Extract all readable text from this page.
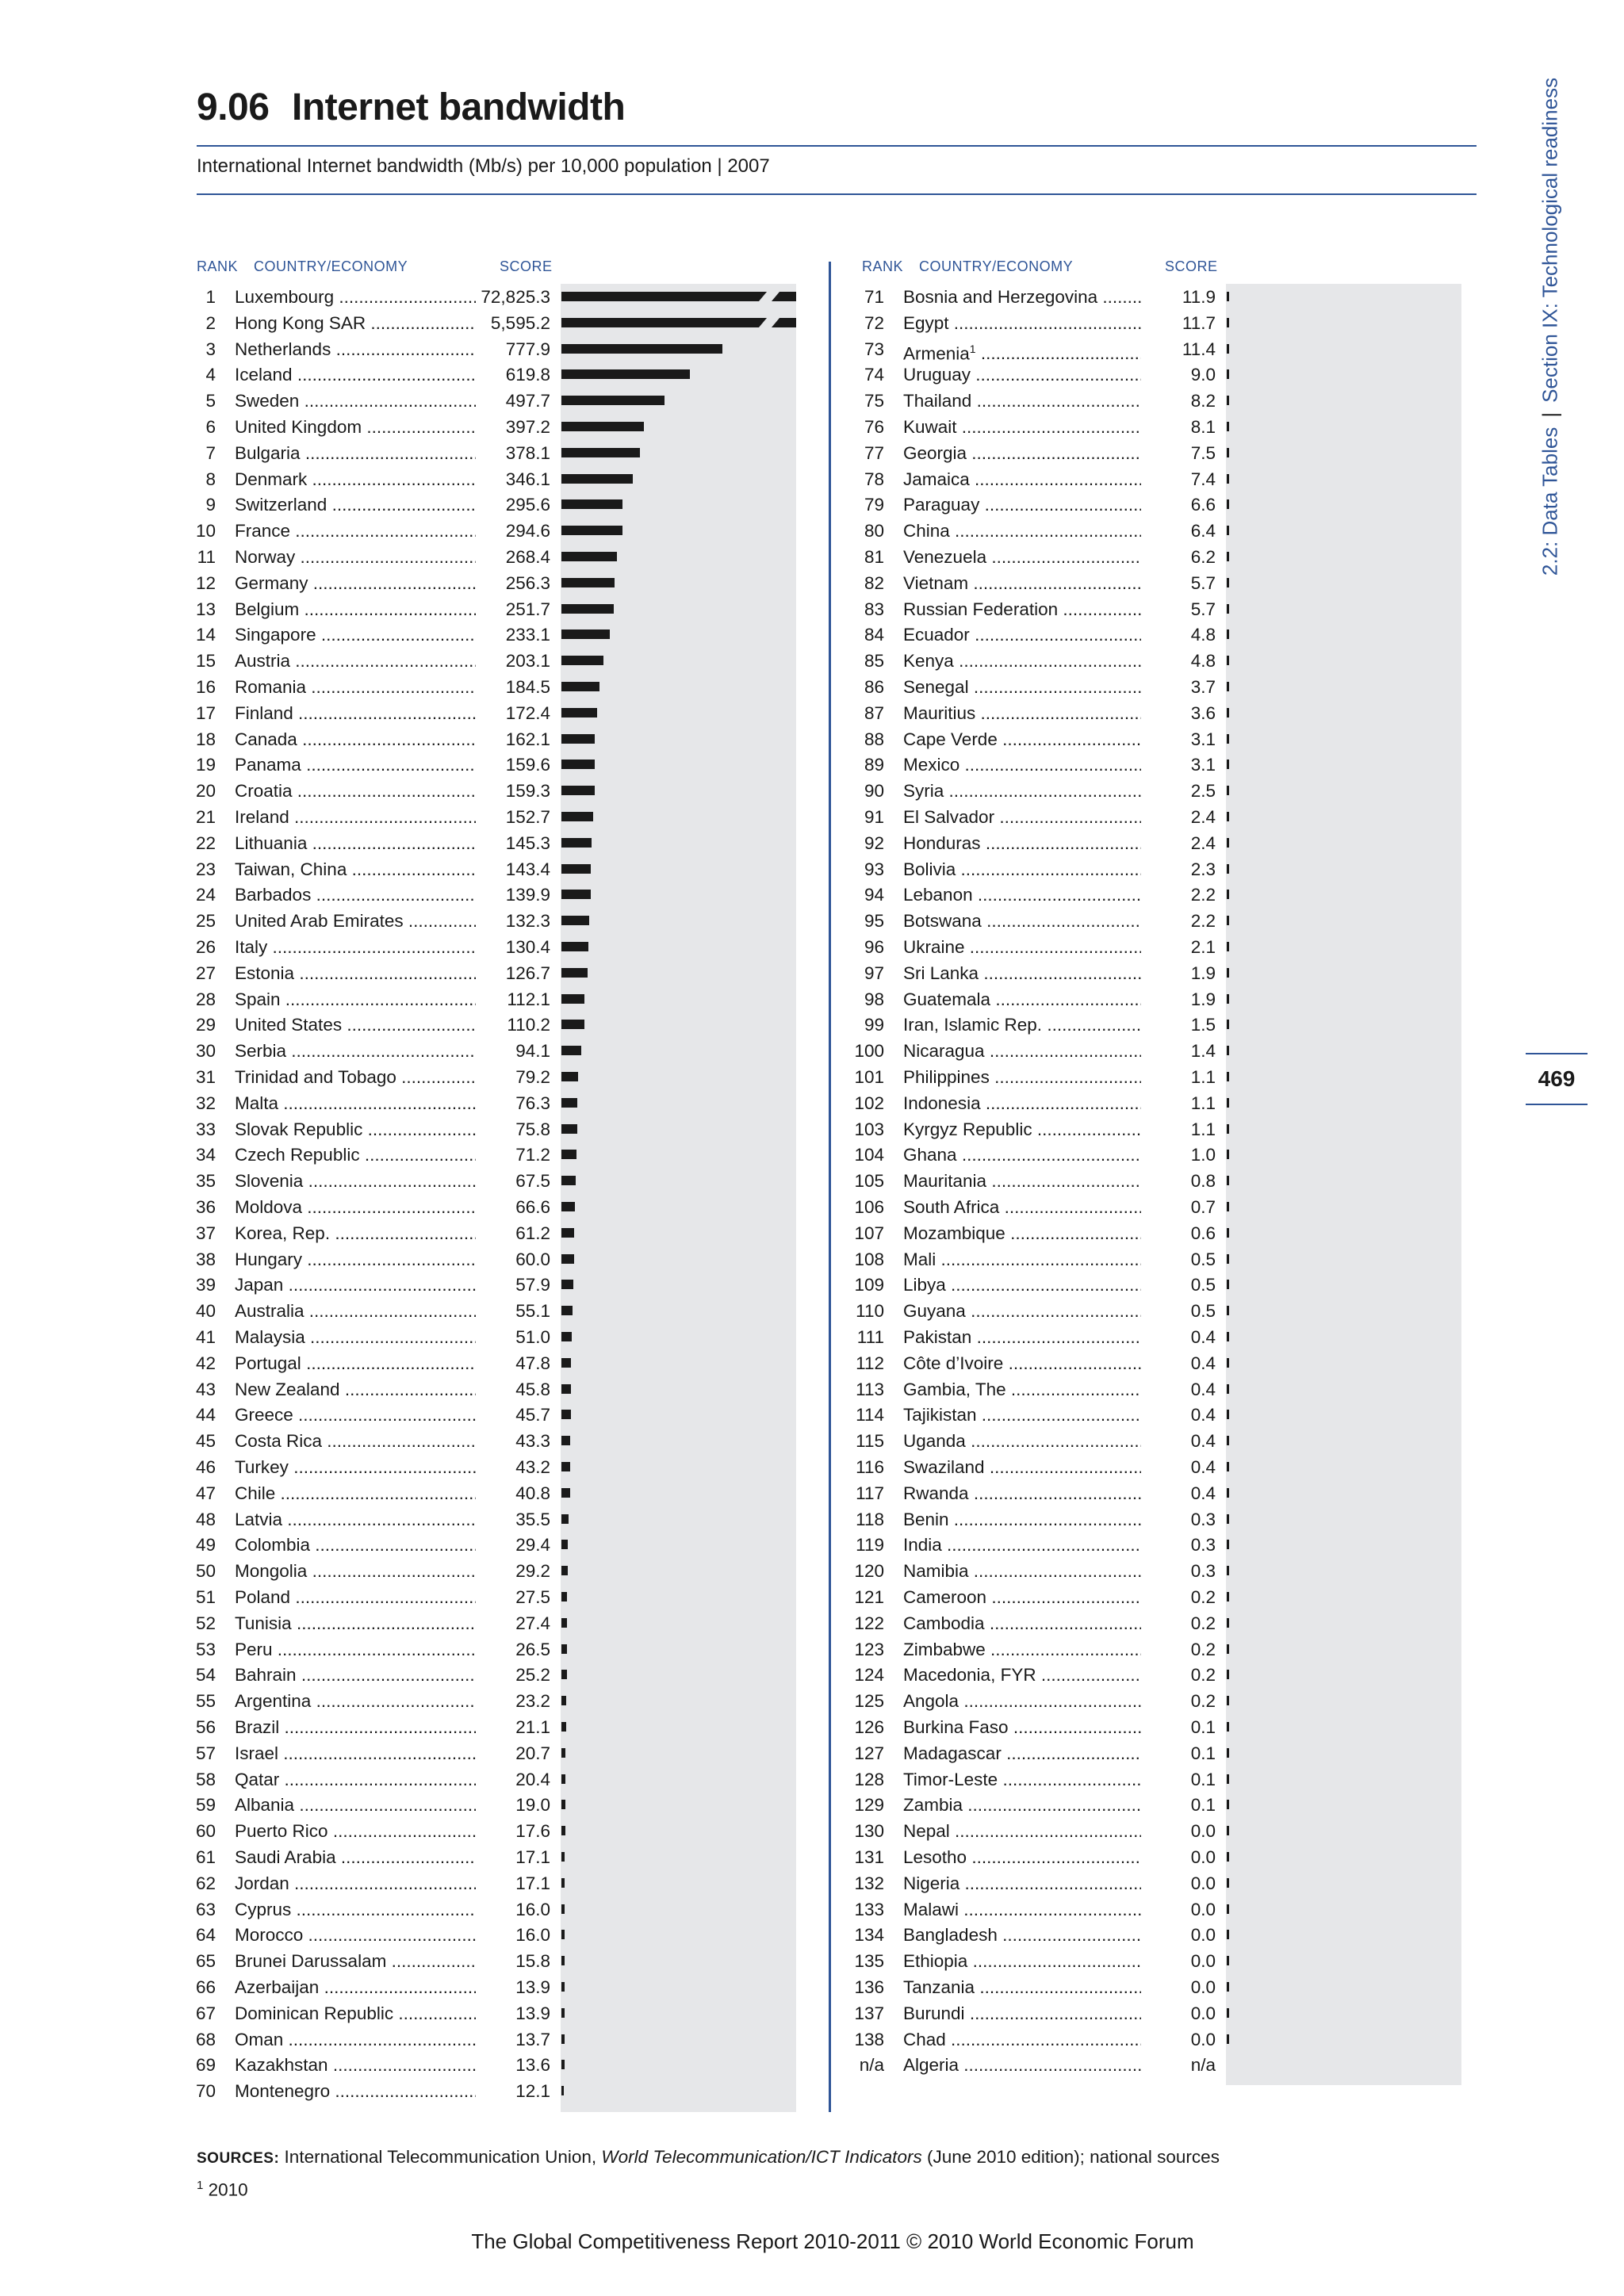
9.06 Internet bandwidth
International Internet bandwidth (Mb/s) per 10,000 population | 2007
2.2: Data Tables|Section IX: Technological readiness
469
RANK COUNTRY/ECONOMY	SCORE	RANK COUNTRY/ECONOMY	SCORE
1 Luxembourg .....	72,825.3
2 Hong Kong SAR .....	5,595.2
3 Netherlands .....	777.9
4 Iceland .....	619.8
5 Sweden .....	497.7
6 United Kingdom .....	397.2
7 Bulgaria .....	378.1
8 Denmark .....	346.1
9 Switzerland .....	295.6
10 France .....	294.6
11 Norway .....	268.4
12 Germany .....	256.3
13 Belgium .....	251.7
14 Singapore .....	233.1
15 Austria .....	203.1
16 Romania .....	184.5
17 Finland .....	172.4
18 Canada .....	162.1
19 Panama .....	159.6
20 Croatia .....	159.3
21 Ireland .....	152.7
22 Lithuania .....	145.3
23 Taiwan, China .....	143.4
24 Barbados .....	139.9
25 United Arab Emirates .....	132.3
26 Italy .....	130.4
27 Estonia .....	126.7
28 Spain .....	112.1
29 United States .....	110.2
30 Serbia .....	94.1
31 Trinidad and Tobago .....	79.2
32 Malta .....	76.3
33 Slovak Republic .....	75.8
34 Czech Republic .....	71.2
35 Slovenia .....	67.5
36 Moldova .....	66.6
37 Korea, Rep. .....	61.2
38 Hungary .....	60.0
39 Japan .....	57.9
40 Australia .....	55.1
41 Malaysia .....	51.0
42 Portugal .....	47.8
43 New Zealand .....	45.8
44 Greece .....	45.7
45 Costa Rica .....	43.3
46 Turkey .....	43.2
47 Chile .....	40.8
48 Latvia .....	35.5
49 Colombia .....	29.4
50 Mongolia .....	29.2
51 Poland .....	27.5
52 Tunisia .....	27.4
53 Peru .....	26.5
54 Bahrain .....	25.2
55 Argentina .....	23.2
56 Brazil .....	21.1
57 Israel .....	20.7
58 Qatar .....	20.4
59 Albania .....	19.0
60 Puerto Rico .....	17.6
61 Saudi Arabia .....	17.1
62 Jordan .....	17.1
63 Cyprus .....	16.0
64 Morocco .....	16.0
65 Brunei Darussalam .....	15.8
66 Azerbaijan .....	13.9
67 Dominican Republic .....	13.9
68 Oman .....	13.7
69 Kazakhstan .....	13.6
70 Montenegro .....	12.1
71 Bosnia and Herzegovina .....	11.9
72 Egypt .....	11.7
73 Armenia$^1$ .....	11.4
74 Uruguay .....	9.0
75 Thailand .....	8.2
76 Kuwait .....	8.1
77 Georgia .....	7.5
78 Jamaica .....	7.4
79 Paraguay .....	6.6
80 China .....	6.4
81 Venezuela .....	6.2
82 Vietnam .....	5.7
83 Russian Federation .....	5.7
84 Ecuador .....	4.8
85 Kenya .....	4.8
86 Senegal .....	3.7
87 Mauritius .....	3.6
88 Cape Verde .....	3.1
89 Mexico .....	3.1
90 Syria .....	2.5
91 El Salvador .....	2.4
92 Honduras .....	2.4
93 Bolivia .....	2.3
94 Lebanon .....	2.2
95 Botswana .....	2.2
96 Ukraine .....	2.1
97 Sri Lanka .....	1.9
98 Guatemala .....	1.9
99 Iran, Islamic Rep. .....	1.5
100 Nicaragua .....	1.4
101 Philippines .....	1.1
102 Indonesia .....	1.1
103 Kyrgyz Republic .....	1.1
104 Ghana .....	1.0
105 Mauritania .....	0.8
106 South Africa .....	0.7
107 Mozambique .....	0.6
108 Mali .....	0.5
109 Libya .....	0.5
110 Guyana .....	0.5
111 Pakistan .....	0.4
112 Côte d’Ivoire .....	0.4
113 Gambia, The .....	0.4
114 Tajikistan .....	0.4
115 Uganda .....	0.4
116 Swaziland .....	0.4
117 Rwanda .....	0.4
118 Benin .....	0.3
119 India .....	0.3
120 Namibia .....	0.3
121 Cameroon .....	0.2
122 Cambodia .....	0.2
123 Zimbabwe .....	0.2
124 Macedonia, FYR .....	0.2
125 Angola .....	0.2
126 Burkina Faso .....	0.1
127 Madagascar .....	0.1
128 Timor-Leste .....	0.1
129 Zambia .....	0.1
130 Nepal .....	0.0
131 Lesotho .....	0.0
132 Nigeria .....	0.0
133 Malawi .....	0.0
134 Bangladesh .....	0.0
135 Ethiopia .....	0.0
136 Tanzania .....	0.0
137 Burundi .....	0.0
138 Chad .....	0.0
n/a Algeria .....	n/a
SOURCES: International Telecommunication Union, World Telecommunication/ICT Indicators (June 2010 edition); national sources
$^1$ 2010
The Global Competitiveness Report 2010-2011 © 2010 World Economic Forum
